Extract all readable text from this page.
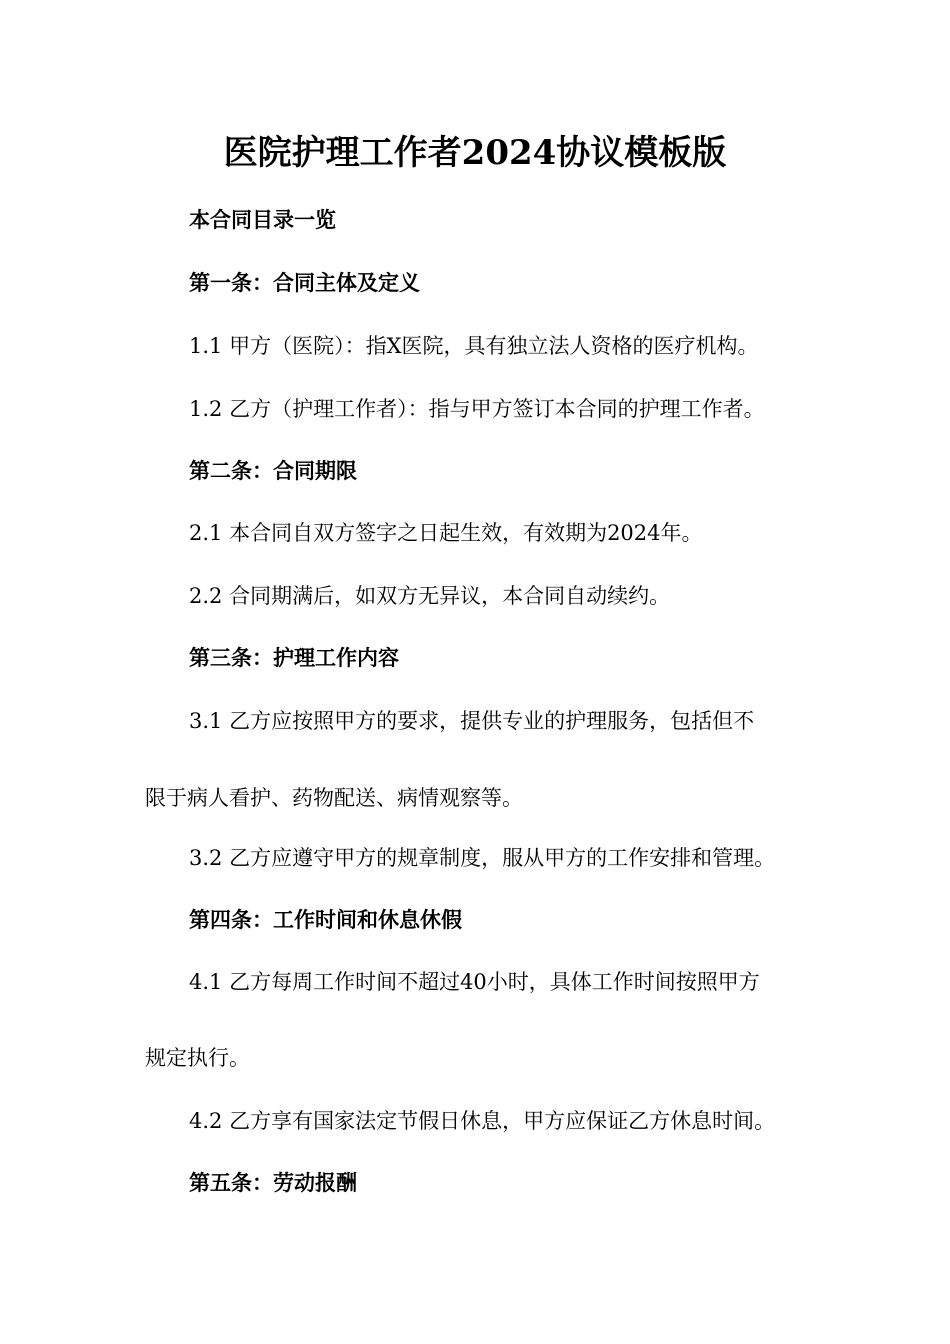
医院护理工作者2024协议模板版
本合同目录一览
第一条：合同主体及定义
1.1 甲方（医院）：指X医院，具有独立法人资格的医疗机构。
1.2 乙方（护理工作者）：指与甲方签订本合同的护理工作者。
第二条：合同期限
2.1 本合同自双方签字之日起生效，有效期为2024年。
2.2 合同期满后，如双方无异议，本合同自动续约。
第三条：护理工作内容
3.1 乙方应按照甲方的要求，提供专业的护理服务，包括但不
限于病人看护、药物配送、病情观察等。
3.2 乙方应遵守甲方的规章制度，服从甲方的工作安排和管理。
第四条：工作时间和休息休假
4.1 乙方每周工作时间不超过40小时，具体工作时间按照甲方
规定执行。
4.2 乙方享有国家法定节假日休息，甲方应保证乙方休息时间。
第五条：劳动报酬
